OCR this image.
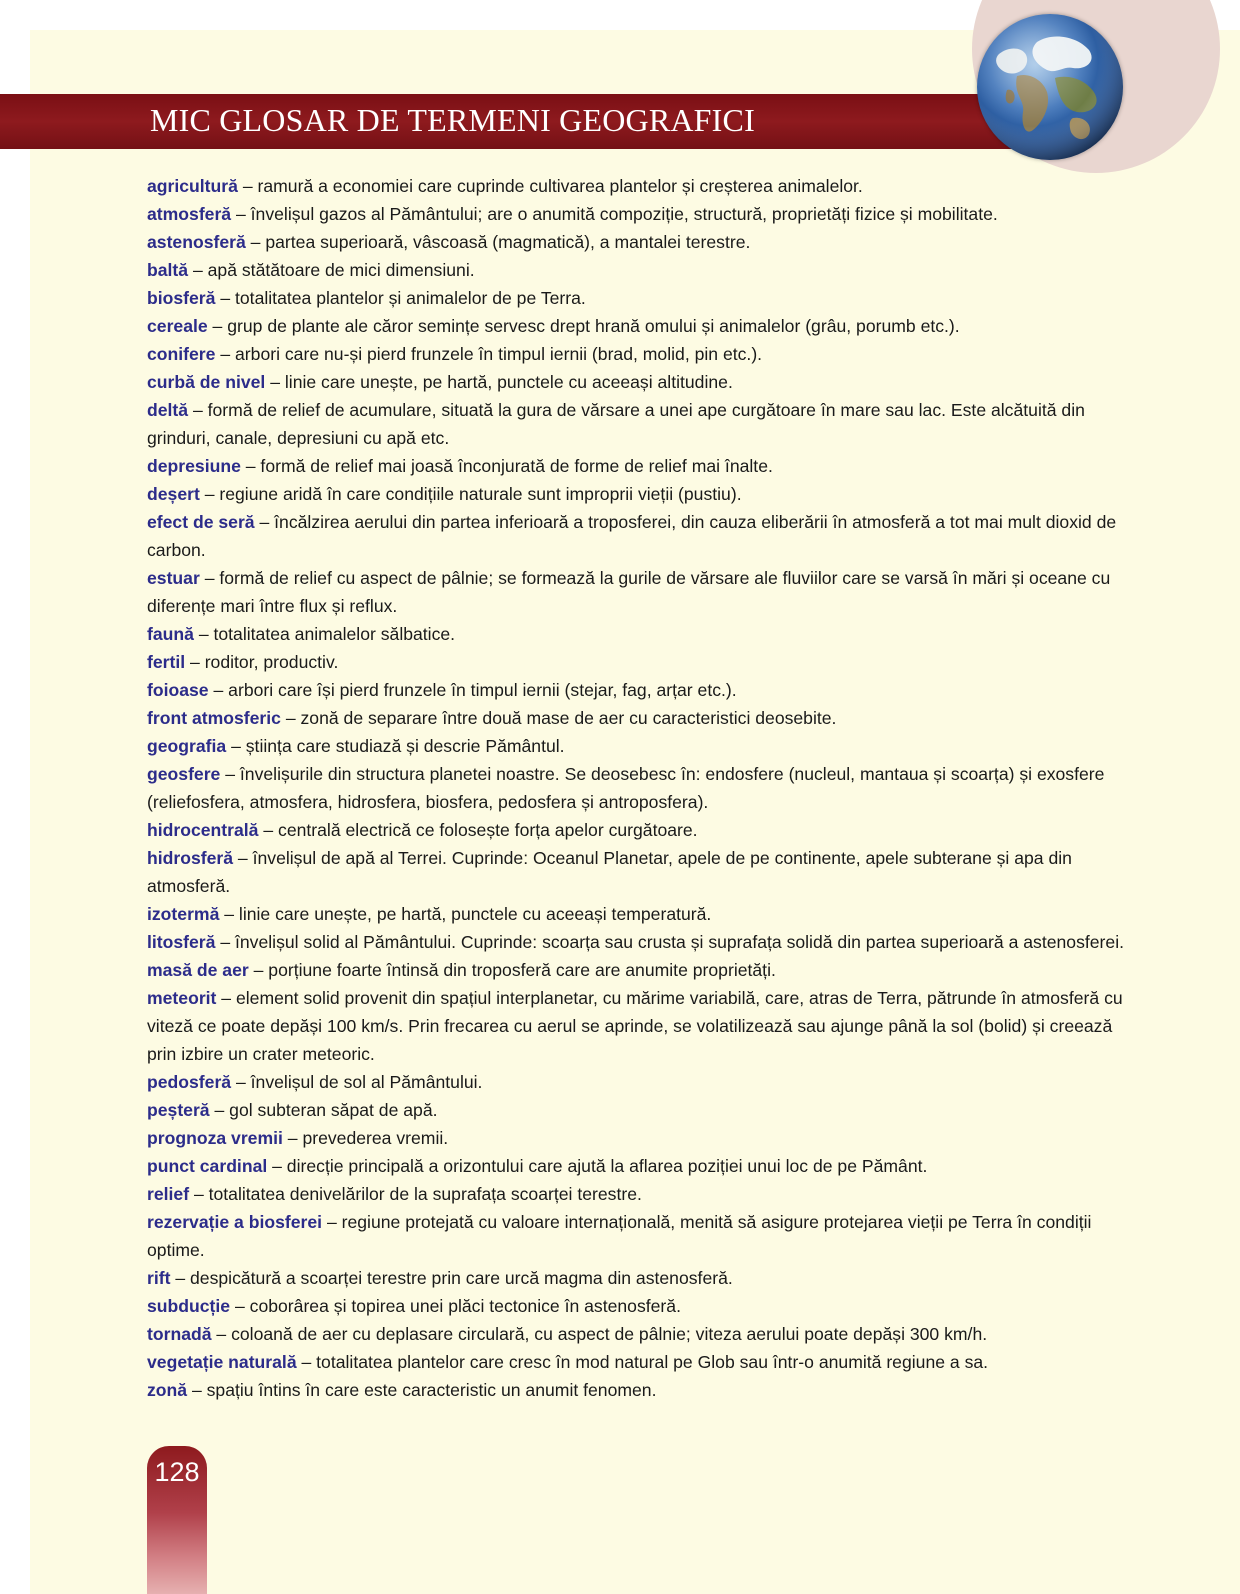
MIC GLOSAR DE TERMENI GEOGRAFICI

agricultură – ramură a economiei care cuprinde cultivarea plantelor și creșterea animalelor.

atmosferă – învelișul gazos al Pământului; are o anumită compoziție, structură, proprietăți fizice și mobilitate.

astenosferă – partea superioară, vâscoasă (magmatică), a mantalei terestre.

baltă – apă stătătoare de mici dimensiuni.

biosferă – totalitatea plantelor și animalelor de pe Terra.

cereale – grup de plante ale căror semințe servesc drept hrană omului și animalelor (grâu, porumb etc.).

conifere – arbori care nu-și pierd frunzele în timpul iernii (brad, molid, pin etc.).

curbă de nivel – linie care unește, pe hartă, punctele cu aceeași altitudine.

deltă – formă de relief de acumulare, situată la gura de vărsare a unei ape curgătoare în mare sau lac. Este alcătuită din grinduri, canale, depresiuni cu apă etc.

depresiune – formă de relief mai joasă înconjurată de forme de relief mai înalte.

deșert – regiune aridă în care condițiile naturale sunt improprii vieții (pustiu).

efect de seră – încălzirea aerului din partea inferioară a troposferei, din cauza eliberării în atmosferă a tot mai mult dioxid de carbon.

estuar – formă de relief cu aspect de pâlnie; se formează la gurile de vărsare ale fluviilor care se varsă în mări și oceane cu diferențe mari între flux și reflux.

faună – totalitatea animalelor sălbatice.

fertil – roditor, productiv.

foioase – arbori care își pierd frunzele în timpul iernii (stejar, fag, arțar etc.).

front atmosferic – zonă de separare între două mase de aer cu caracteristici deosebite.

geografia – știința care studiază și descrie Pământul.

geosfere – învelișurile din structura planetei noastre. Se deosebesc în: endosfere (nucleul, mantaua și scoarța) și exosfere (reliefosfera, atmosfera, hidrosfera, biosfera, pedosfera și antroposfera).

hidrocentrală – centrală electrică ce folosește forța apelor curgătoare.

hidrosferă – învelișul de apă al Terrei. Cuprinde: Oceanul Planetar, apele de pe continente, apele subterane și apa din atmosferă.

izotermă – linie care unește, pe hartă, punctele cu aceeași temperatură.

litosferă – învelișul solid al Pământului. Cuprinde: scoarța sau crusta și suprafața solidă din partea superioară a astenosferei.

masă de aer – porțiune foarte întinsă din troposferă care are anumite proprietăți.

meteorit – element solid provenit din spațiul interplanetar, cu mărime variabilă, care, atras de Terra, pătrunde în atmosferă cu viteză ce poate depăși 100 km/s. Prin frecarea cu aerul se aprinde, se volatilizează sau ajunge până la sol (bolid) și creează prin izbire un crater meteoric.

pedosferă – învelișul de sol al Pământului.

peșteră – gol subteran săpat de apă.

prognoza vremii – prevederea vremii.

punct cardinal – direcție principală a orizontului care ajută la aflarea poziției unui loc de pe Pământ.

relief – totalitatea denivelărilor de la suprafața scoarței terestre.

rezervație a biosferei – regiune protejată cu valoare internațională, menită să asigure protejarea vieții pe Terra în condiții optime.

rift – despicătură a scoarței terestre prin care urcă magma din astenosferă.

subducție – coborârea și topirea unei plăci tectonice în astenosferă.

tornadă – coloană de aer cu deplasare circulară, cu aspect de pâlnie; viteza aerului poate depăși 300 km/h.

vegetație naturală – totalitatea plantelor care cresc în mod natural pe Glob sau într-o anumită regiune a sa.

zonă – spațiu întins în care este caracteristic un anumit fenomen.

128
